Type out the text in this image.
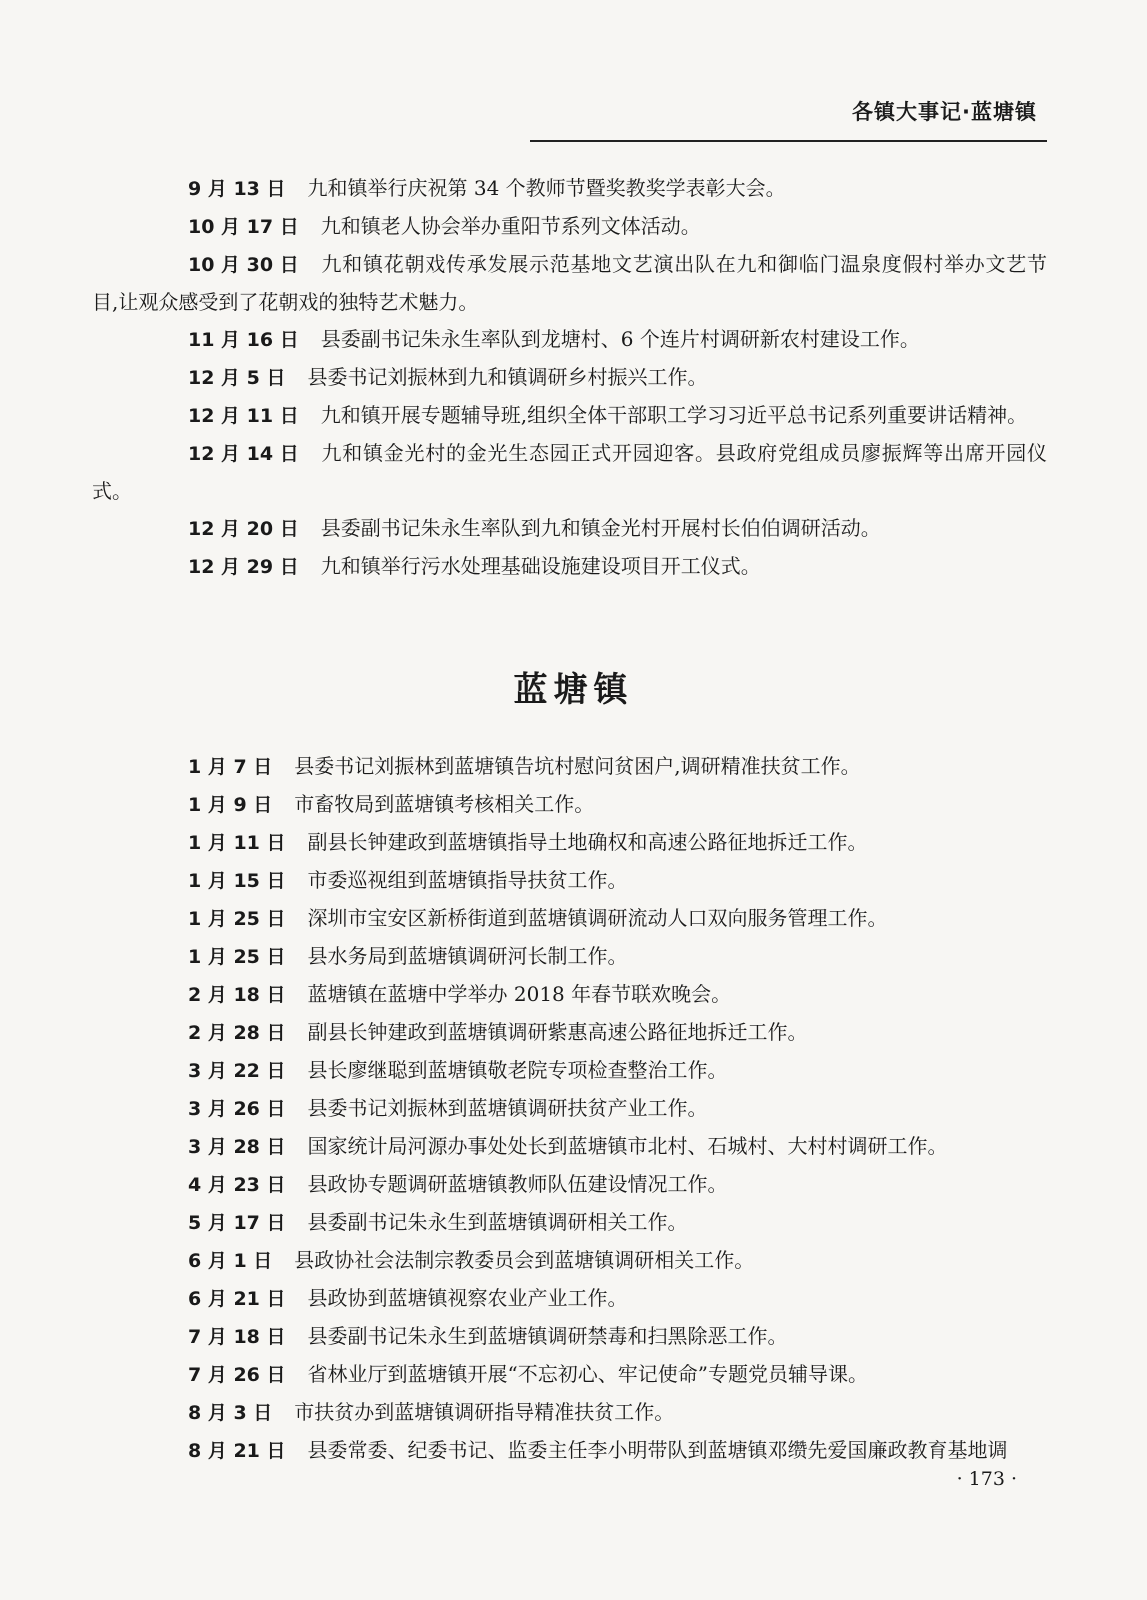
各镇大事记·蓝塘镇

9 月 13 日 九和镇举行庆祝第 34 个教师节暨奖教奖学表彰大会。

10 月 17 日 九和镇老人协会举办重阳节系列文体活动。

10 月 30 日 九和镇花朝戏传承发展示范基地文艺演出队在九和御临门温泉度假村举办文艺节目,让观众感受到了花朝戏的独特艺术魅力。

11 月 16 日 县委副书记朱永生率队到龙塘村、6 个连片村调研新农村建设工作。

12 月 5 日 县委书记刘振林到九和镇调研乡村振兴工作。

12 月 11 日 九和镇开展专题辅导班,组织全体干部职工学习习近平总书记系列重要讲话精神。

12 月 14 日 九和镇金光村的金光生态园正式开园迎客。县政府党组成员廖振辉等出席开园仪式。

12 月 20 日 县委副书记朱永生率队到九和镇金光村开展村长伯伯调研活动。

12 月 29 日 九和镇举行污水处理基础设施建设项目开工仪式。

蓝塘镇

1 月 7 日 县委书记刘振林到蓝塘镇告坑村慰问贫困户,调研精准扶贫工作。

1 月 9 日 市畜牧局到蓝塘镇考核相关工作。

1 月 11 日 副县长钟建政到蓝塘镇指导土地确权和高速公路征地拆迁工作。

1 月 15 日 市委巡视组到蓝塘镇指导扶贫工作。

1 月 25 日 深圳市宝安区新桥街道到蓝塘镇调研流动人口双向服务管理工作。

1 月 25 日 县水务局到蓝塘镇调研河长制工作。

2 月 18 日 蓝塘镇在蓝塘中学举办 2018 年春节联欢晚会。

2 月 28 日 副县长钟建政到蓝塘镇调研紫惠高速公路征地拆迁工作。

3 月 22 日 县长廖继聪到蓝塘镇敬老院专项检查整治工作。

3 月 26 日 县委书记刘振林到蓝塘镇调研扶贫产业工作。

3 月 28 日 国家统计局河源办事处处长到蓝塘镇市北村、石城村、大村村调研工作。

4 月 23 日 县政协专题调研蓝塘镇教师队伍建设情况工作。

5 月 17 日 县委副书记朱永生到蓝塘镇调研相关工作。

6 月 1 日 县政协社会法制宗教委员会到蓝塘镇调研相关工作。

6 月 21 日 县政协到蓝塘镇视察农业产业工作。

7 月 18 日 县委副书记朱永生到蓝塘镇调研禁毒和扫黑除恶工作。

7 月 26 日 省林业厅到蓝塘镇开展“不忘初心、牢记使命”专题党员辅导课。

8 月 3 日 市扶贫办到蓝塘镇调研指导精准扶贫工作。

8 月 21 日 县委常委、纪委书记、监委主任李小明带队到蓝塘镇邓缵先爱国廉政教育基地调

· 173 ·
